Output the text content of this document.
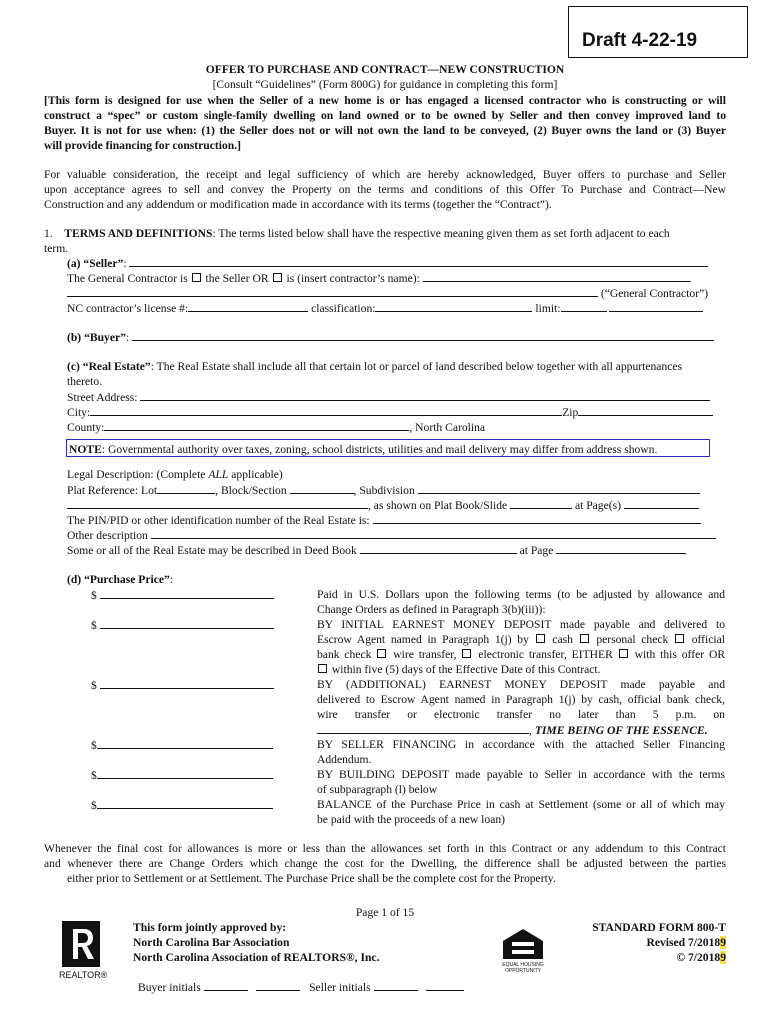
Draft 4-22-19
OFFER TO PURCHASE AND CONTRACT—NEW CONSTRUCTION
[Consult “Guidelines” (Form 800G) for guidance in completing this form]
[This form is designed for use when the Seller of a new home is or has engaged a licensed contractor who is constructing or will
construct a “spec” or custom single-family dwelling on land owned or to be owned by Seller and then convey improved land to
Buyer. It is not for use when: (1) the Seller does not or will not own the land to be conveyed, (2) Buyer owns the land or (3) Buyer
will provide financing for construction.]
For valuable consideration, the receipt and legal sufficiency of which are hereby acknowledged, Buyer offers to purchase and Seller
upon acceptance agrees to sell and convey the Property on the terms and conditions of this Offer To Purchase and Contract—New
Construction and any addendum or modification made in accordance with its terms (together the “Contract”).
1. TERMS AND DEFINITIONS: The terms listed below shall have the respective meaning given them as set forth adjacent to each
term.
(a) “Seller”:
The General Contractor is the Seller OR is (insert contractor’s name):
(“General Contractor”)
NC contractor’s license #:	classification:	limit:
(b) “Buyer”:
(c) “Real Estate”: The Real Estate shall include all that certain lot or parcel of land described below together with all appurtenances
thereto.
Street Address:
City:	Zip
County:	, North Carolina
NOTE: Governmental authority over taxes, zoning, school districts, utilities and mail delivery may differ from address shown.
Legal Description: (Complete ALL applicable)
Plat Reference: Lot	, Block/Section	, Subdivision
, as shown on Plat Book/Slide	at Page(s)
The PIN/PID or other identification number of the Real Estate is:
Other description
Some or all of the Real Estate may be described in Deed Book	at Page
(d) “Purchase Price”:
$	Paid in U.S. Dollars upon the following terms (to be adjusted by allowance and
Change Orders as defined in Paragraph 3(b)(iii)):
$	BY INITIAL EARNEST MONEY DEPOSIT made payable and delivered to
Escrow Agent named in Paragraph 1(j) by cash personal check official
bank check wire transfer, electronic transfer, EITHER with this offer OR
within five (5) days of the Effective Date of this Contract.
$	BY (ADDITIONAL) EARNEST MONEY DEPOSIT made payable and
delivered to Escrow Agent named in Paragraph 1(j) by cash, official bank check,
wire transfer or electronic transfer no later than 5 p.m. on
, TIME BEING OF THE ESSENCE.
$	BY SELLER FINANCING in accordance with the attached Seller Financing
Addendum.
$	BY BUILDING DEPOSIT made payable to Seller in accordance with the terms
of subparagraph (l) below
$	BALANCE of the Purchase Price in cash at Settlement (some or all of which may
be paid with the proceeds of a new loan)
Whenever the final cost for allowances is more or less than the allowances set forth in this Contract or any addendum to this Contract
and whenever there are Change Orders which change the cost for the Dwelling, the difference shall be adjusted between the parties
either prior to Settlement or at Settlement. The Purchase Price shall be the complete cost for the Property.
Page 1 of 15
This form jointly approved by:
North Carolina Bar Association
North Carolina Association of REALTORS®, Inc.
REALTOR®
EQUAL HOUSING OPPORTUNITY
STANDARD FORM 800-T
Revised 7/20189
© 7/20189
Buyer initials	Seller initials
